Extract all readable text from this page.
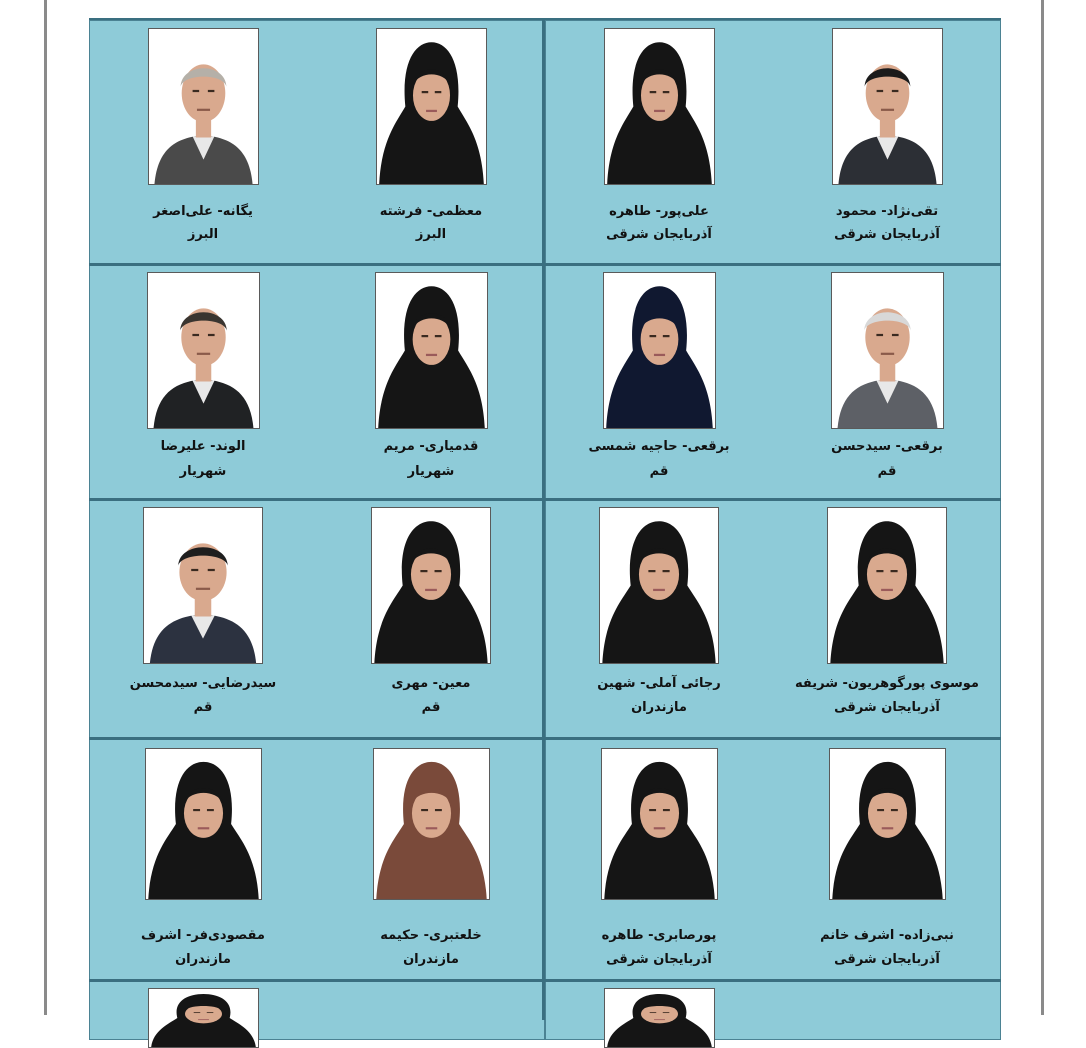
یگانه- علی‌اصغر
البرز
معظمی- فرشته
البرز
علی‌پور- طاهره
آذربایجان شرقی
تقی‌نژاد- محمود
آذربایجان شرقی
الوند- علیرضا
شهریار
قدمیاری- مریم
شهریار
برقعی- حاجیه شمسی
قم
برقعی- سیدحسن
قم
سیدرضایی- سیدمحسن
قم
معین- مهری
قم
رجائی آملی- شهین
مازندران
موسوی پورگوهریون- شریفه
آذربایجان شرقی
مقصودی‌فر- اشرف
مازندران
خلعتبری- حکیمه
مازندران
پورصابری- طاهره
آذربایجان شرقی
نبی‌زاده- اشرف خانم
آذربایجان شرقی
